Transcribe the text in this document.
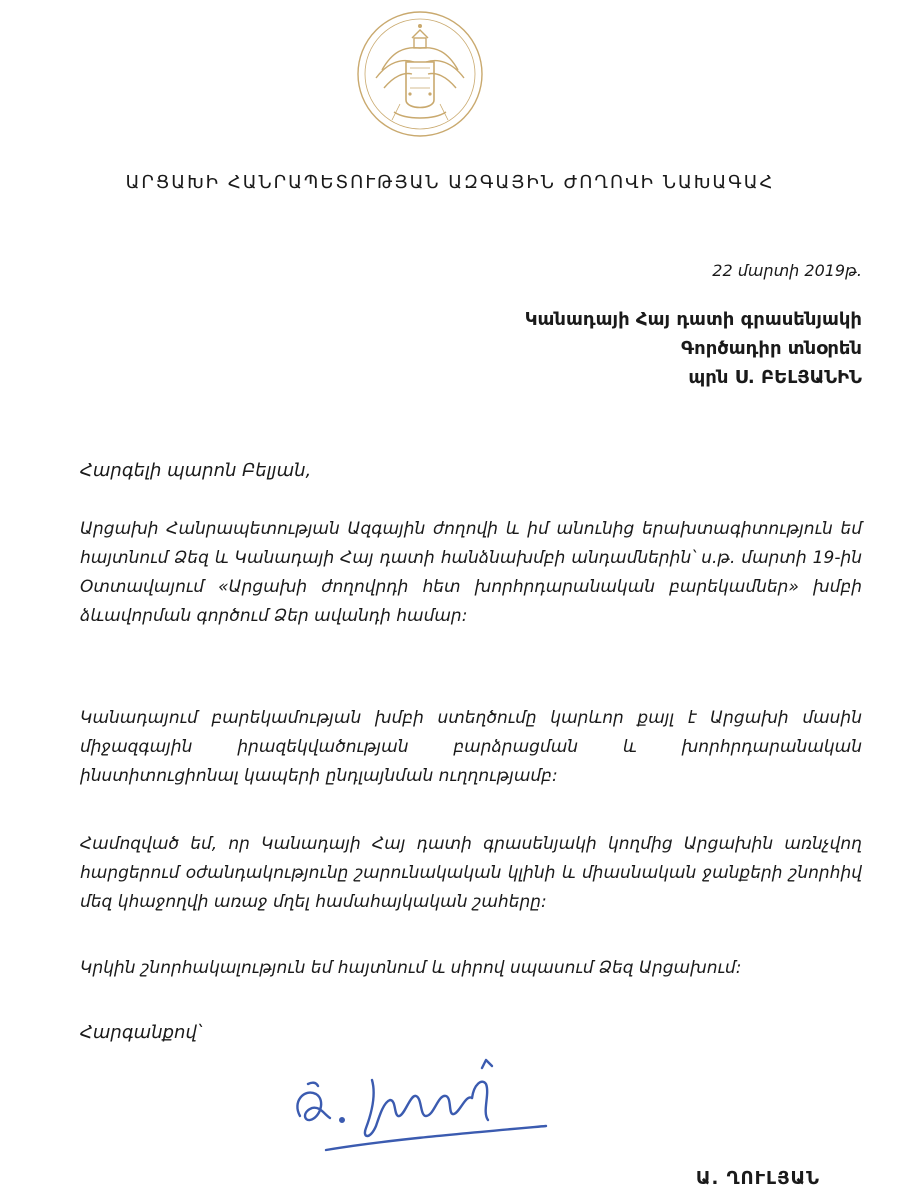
ԱՐՑԱԽԻ ՀԱՆՐԱՊԵՏՈՒԹՅԱՆ ԱԶԳԱՅԻՆ ԺՈՂՈՎԻ ՆԱԽԱԳԱՀ
22 մարտի 2019թ.
Կանադայի Հայ դատի գրասենյակի
Գործադիր տնօրեն
պրն Ս. ԲԵԼՅԱՆԻՆ
Հարգելի պարոն Բելյան,

Արցախի Հանրապետության Ազգային ժողովի և իմ անունից երախտագիտություն եմ հայտնում Ձեզ և Կանադայի Հայ դատի հանձնախմբի անդամներին՝ ս.թ. մարտի 19-ին Օտտավայում «Արցախի ժողովրդի հետ խորհրդարանական բարեկամներ» խմբի ձևավորման գործում Ձեր ավանդի համար:

Կանադայում բարեկամության խմբի ստեղծումը կարևոր քայլ է Արցախի մասին միջազգային իրազեկվածության բարձրացման և խորհրդարանական ինստիտուցիոնալ կապերի ընդլայնման ուղղությամբ:

Համոզված եմ, որ Կանադայի Հայ դատի գրասենյակի կողմից Արցախին առնչվող հարցերում օժանդակությունը շարունակական կլինի և միասնական ջանքերի շնորհիվ մեզ կհաջողվի առաջ մղել համահայկական շահերը:

Կրկին շնորհակալություն եմ հայտնում և սիրով սպասում Ձեզ Արցախում:

Հարգանքով՝
Ա. ՂՈՒԼՅԱՆ
